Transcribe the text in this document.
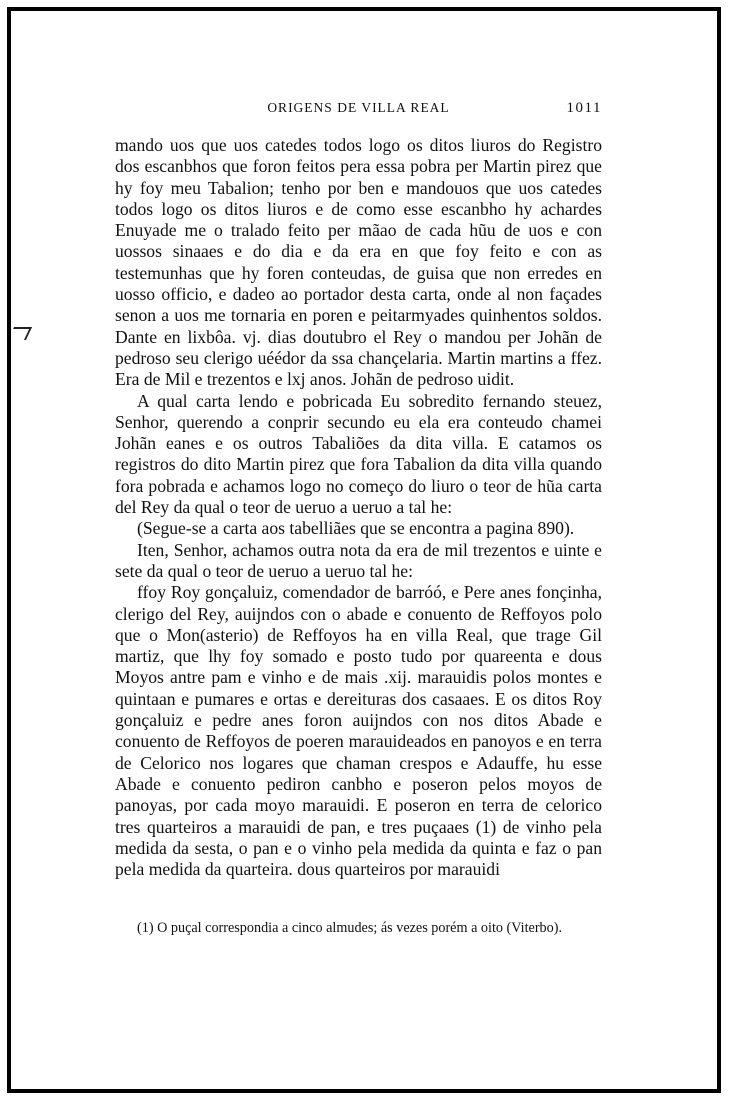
ORIGENS DE VILLA REAL	1011

mando uos que uos catedes todos logo os ditos liuros do Registro dos escanbhos que foron feitos pera essa pobra per Martin pirez que hy foy meu Tabalion; tenho por ben e mandouos que uos catedes todos logo os ditos liuros e de como esse escanbho hy achardes Enuyade me o tralado feito per mãao de cada hũu de uos e con uossos sinaaes e do dia e da era en que foy feito e con as testemunhas que hy foren conteudas, de guisa que non erredes en uosso officio, e dadeo ao portador desta carta, onde al non façades senon a uos me tornaria en poren e peitarmyades quinhentos soldos. Dante en lixbôa. vj. dias doutubro el Rey o mandou per Johãn de pedroso seu clerigo uéédor da ssa chançelaria. Martin martins a ffez. Era de Mil e trezentos e lxj anos. Johãn de pedroso uidit.

A qual carta lendo e pobricada Eu sobredito fernando steuez, Senhor, querendo a conprir secundo eu ela era conteudo chamei Johãn eanes e os outros Tabaliões da dita villa. E catamos os registros do dito Martin pirez que fora Tabalion da dita villa quando fora pobrada e achamos logo no começo do liuro o teor de hũa carta del Rey da qual o teor de ueruo a ueruo a tal he:

(Segue-se a carta aos tabelliães que se encontra a pagina 890).

Iten, Senhor, achamos outra nota da era de mil trezentos e uinte e sete da qual o teor de ueruo a ueruo tal he:

ffoy Roy gonçaluiz, comendador de barróó, e Pere anes fonçinha, clerigo del Rey, auijndos con o abade e conuento de Reffoyos polo que o Mon(asterio) de Reffoyos ha en villa Real, que trage Gil martiz, que lhy foy somado e posto tudo por quareenta e dous Moyos antre pam e vinho e de mais .xij. marauidis polos montes e quintaan e pumares e ortas e dereituras dos casaaes. E os ditos Roy gonçaluiz e pedre anes foron auijndos con nos ditos Abade e conuento de Reffoyos de poeren marauideados en panoyos e en terra de Celorico nos logares que chaman crespos e Adauffe, hu esse Abade e conuento pediron canbho e poseron pelos moyos de panoyas, por cada moyo marauidi. E poseron en terra de celorico tres quarteiros a marauidi de pan, e tres puçaaes (1) de vinho pela medida da sesta, o pan e o vinho pela medida da quinta e faz o pan pela medida da quarteira. dous quarteiros por marauidi

(1) O puçal correspondia a cinco almudes; ás vezes porém a oito (Viterbo).
